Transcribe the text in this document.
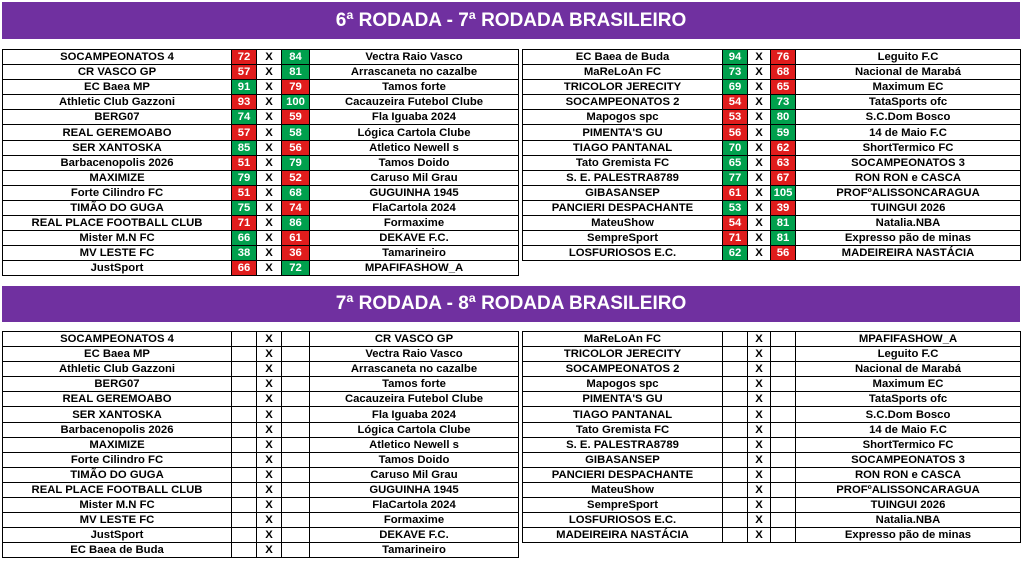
6ª RODADA - 7ª RODADA BRASILEIRO
SOCAMPEONATOS 4	72	X	84	Vectra Raio Vasco
CR VASCO GP	57	X	81	Arrascaneta no cazalbe
EC Baea MP	91	X	79	Tamos forte
Athletic Club Gazzoni	93	X	100	Cacauzeira Futebol Clube
BERG07	74	X	59	Fla Iguaba 2024
REAL GEREMOABO	57	X	58	Lógica Cartola Clube
SER XANTOSKA	85	X	56	Atletico Newell s
Barbacenopolis 2026	51	X	79	Tamos Doido
MAXIMIZE	79	X	52	Caruso Mil Grau
Forte Cilindro FC	51	X	68	GUGUINHA 1945
TIMÃO DO GUGA	75	X	74	FlaCartola 2024
REAL PLACE FOOTBALL CLUB	71	X	86	Formaxime
Mister M.N FC	66	X	61	DEKAVE F.C.
MV LESTE FC	38	X	36	Tamarineiro
JustSport	66	X	72	MPAFIFASHOW_A
EC Baea de Buda	94	X	76	Leguito F.C
MaReLoAn FC	73	X	68	Nacional de Marabá
TRICOLOR JERECITY	69	X	65	Maximum EC
SOCAMPEONATOS 2	54	X	73	TataSports ofc
Mapogos spc	53	X	80	S.C.Dom Bosco
PIMENTA'S GU	56	X	59	14 de Maio F.C
TIAGO PANTANAL	70	X	62	ShortTermico FC
Tato Gremista FC	65	X	63	SOCAMPEONATOS 3
S. E. PALESTRA8789	77	X	67	RON RON e CASCA
GIBASANSEP	61	X	105	PROFºALISSONCARAGUA
PANCIERI DESPACHANTE	53	X	39	TUINGUI 2026
MateuShow	54	X	81	Natalia.NBA
SempreSport	71	X	81	Expresso pão de minas
LOSFURIOSOS E.C.	62	X	56	MADEIREIRA NASTÁCIA
7ª RODADA - 8ª RODADA BRASILEIRO
SOCAMPEONATOS 4		X		CR VASCO GP
EC Baea MP		X		Vectra Raio Vasco
Athletic Club Gazzoni		X		Arrascaneta no cazalbe
BERG07		X		Tamos forte
REAL GEREMOABO		X		Cacauzeira Futebol Clube
SER XANTOSKA		X		Fla Iguaba 2024
Barbacenopolis 2026		X		Lógica Cartola Clube
MAXIMIZE		X		Atletico Newell s
Forte Cilindro FC		X		Tamos Doido
TIMÃO DO GUGA		X		Caruso Mil Grau
REAL PLACE FOOTBALL CLUB		X		GUGUINHA 1945
Mister M.N FC		X		FlaCartola 2024
MV LESTE FC		X		Formaxime
JustSport		X		DEKAVE F.C.
EC Baea de Buda		X		Tamarineiro
MaReLoAn FC		X		MPAFIFASHOW_A
TRICOLOR JERECITY		X		Leguito F.C
SOCAMPEONATOS 2		X		Nacional de Marabá
Mapogos spc		X		Maximum EC
PIMENTA'S GU		X		TataSports ofc
TIAGO PANTANAL		X		S.C.Dom Bosco
Tato Gremista FC		X		14 de Maio F.C
S. E. PALESTRA8789		X		ShortTermico FC
GIBASANSEP		X		SOCAMPEONATOS 3
PANCIERI DESPACHANTE		X		RON RON e CASCA
MateuShow		X		PROFºALISSONCARAGUA
SempreSport		X		TUINGUI 2026
LOSFURIOSOS E.C.		X		Natalia.NBA
MADEIREIRA NASTÁCIA		X		Expresso pão de minas
